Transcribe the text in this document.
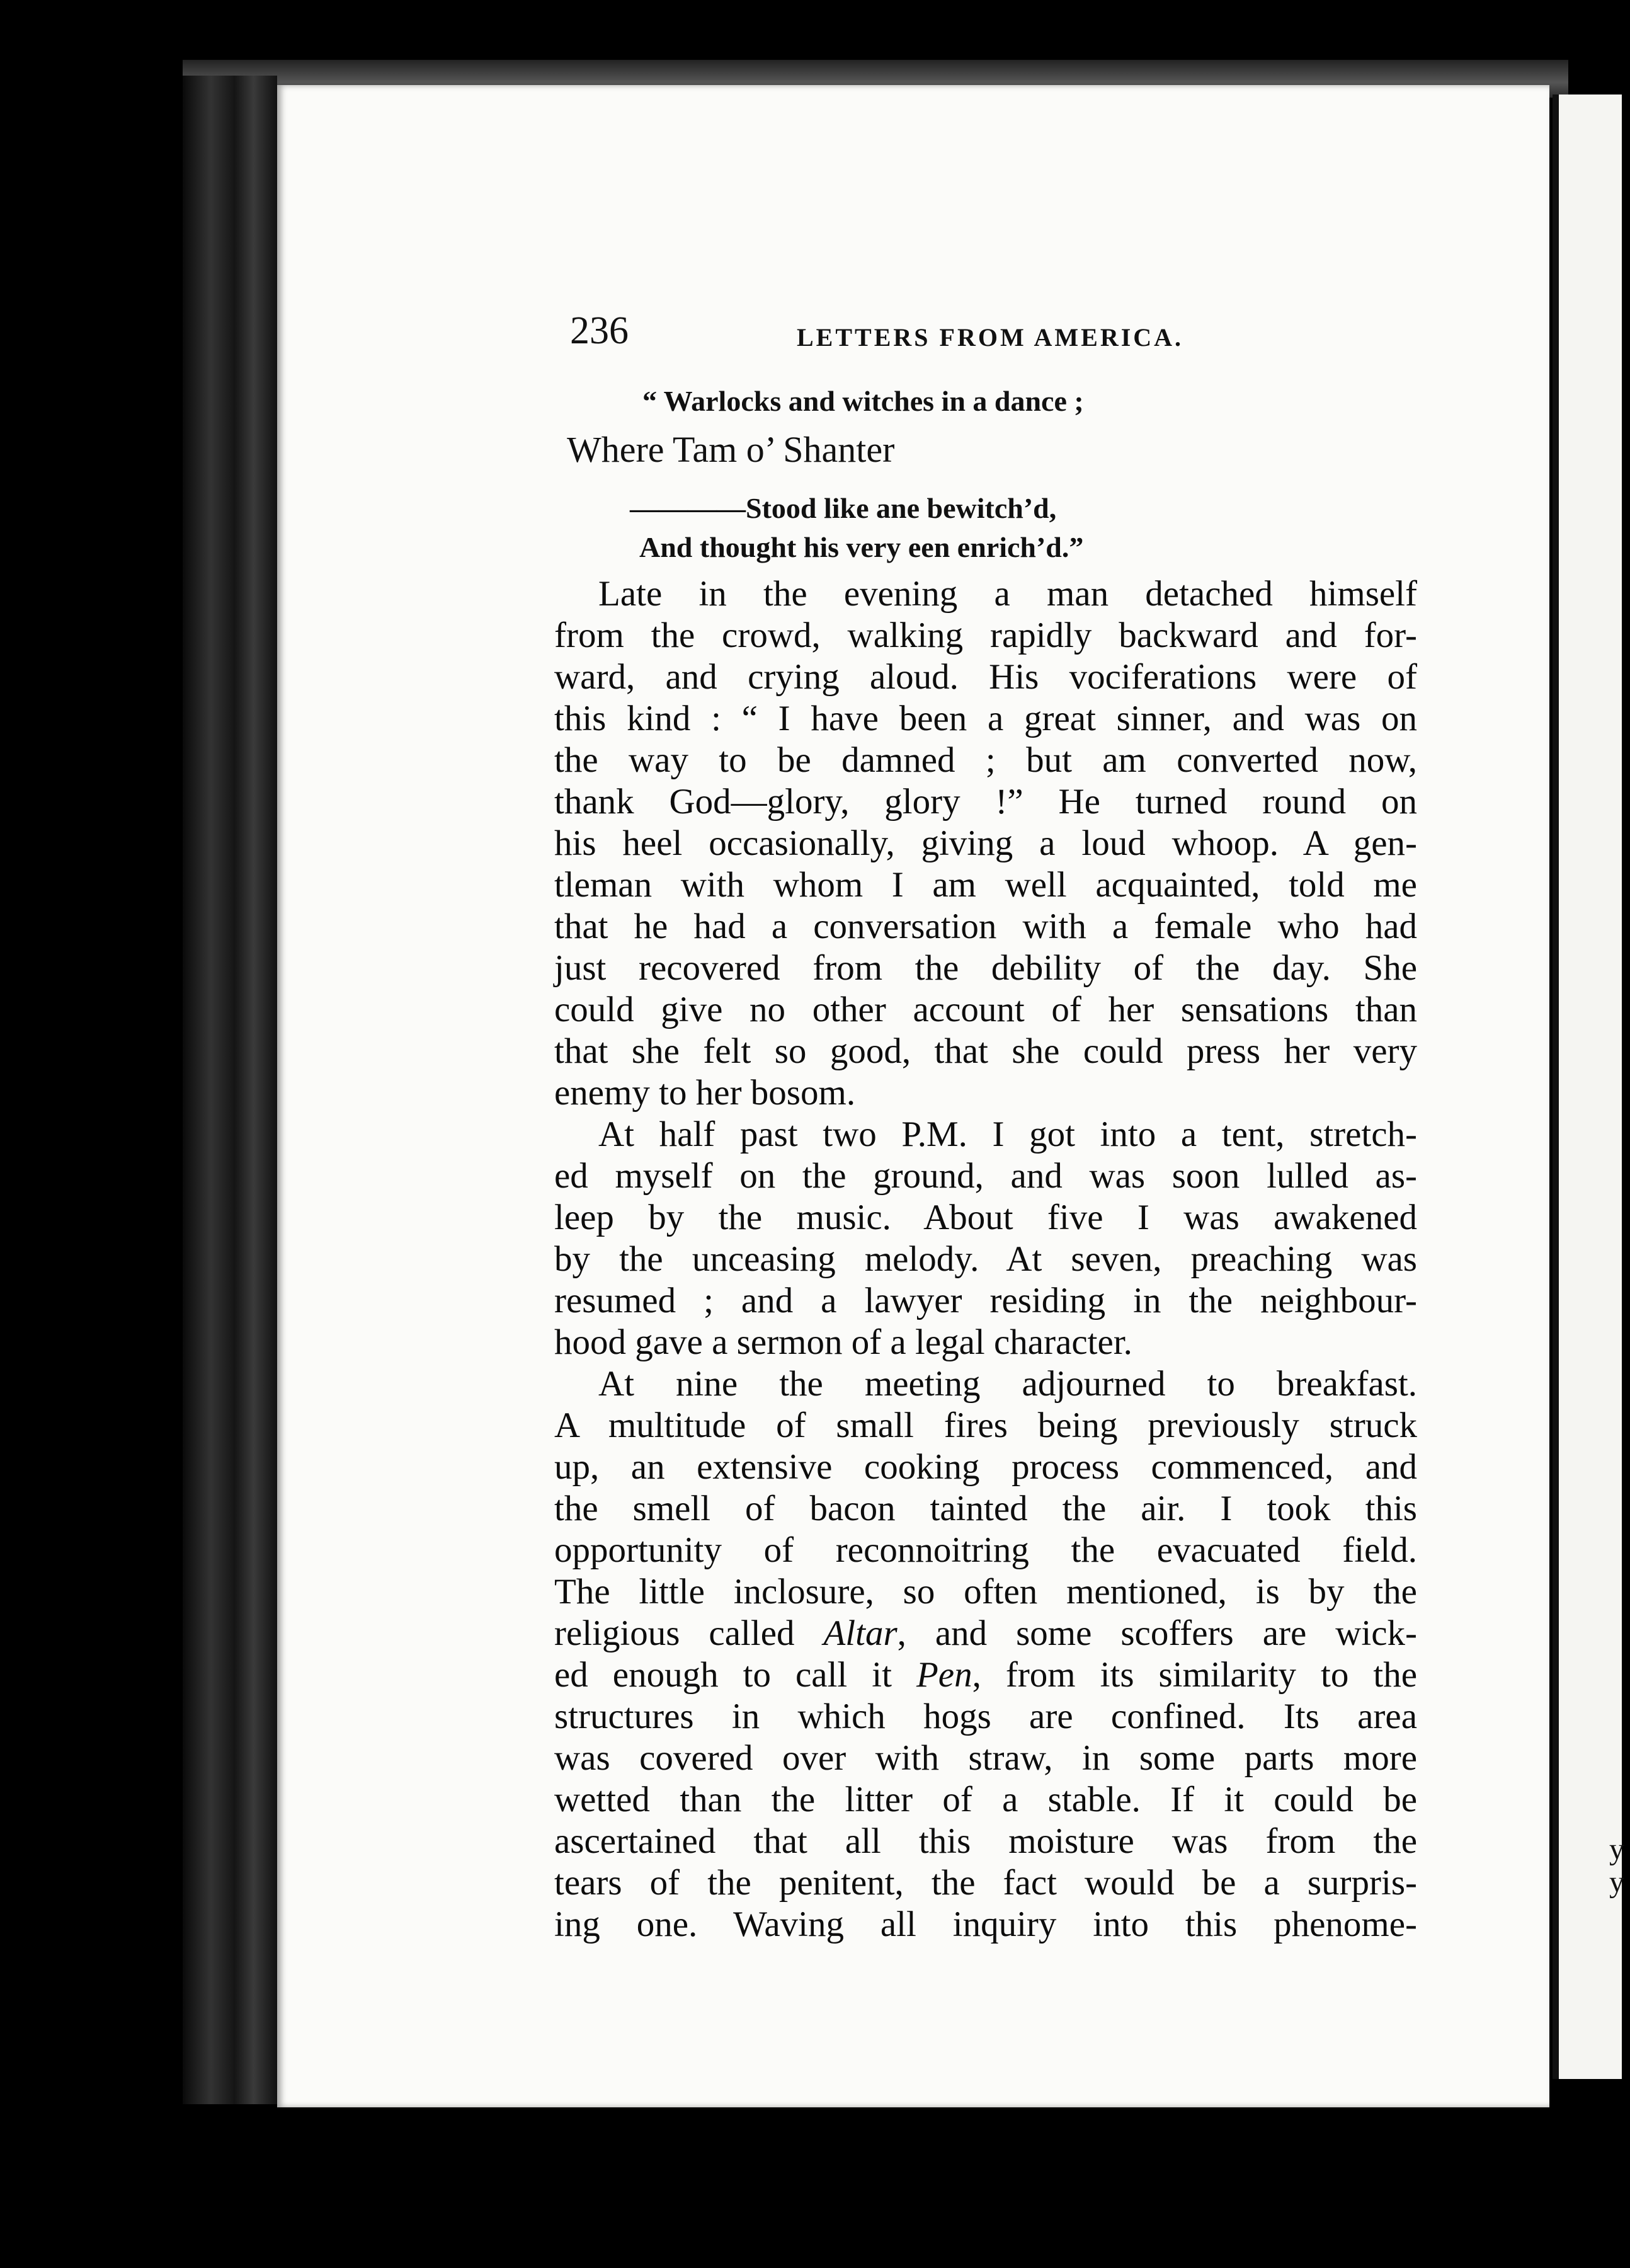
y y
236	LETTERS FROM AMERICA.
“ Warlocks and witches in a dance ;
Where Tam o’ Shanter
————Stood like ane bewitch’d,
And thought his very een enrich’d.”
Late in the evening a man detached himself
from the crowd, walking rapidly backward and for-
ward, and crying aloud. His vociferations were of
this kind : “ I have been a great sinner, and was on
the way to be damned ; but am converted now,
thank God—glory, glory !” He turned round on
his heel occasionally, giving a loud whoop. A gen-
tleman with whom I am well acquainted, told me
that he had a conversation with a female who had
just recovered from the debility of the day. She
could give no other account of her sensations than
that she felt so good, that she could press her very
enemy to her bosom.
At half past two P.M. I got into a tent, stretch-
ed myself on the ground, and was soon lulled as-
leep by the music. About five I was awakened
by the unceasing melody. At seven, preaching was
resumed ; and a lawyer residing in the neighbour-
hood gave a sermon of a legal character.
At nine the meeting adjourned to breakfast.
A multitude of small fires being previously struck
up, an extensive cooking process commenced, and
the smell of bacon tainted the air. I took this
opportunity of reconnoitring the evacuated field.
The little inclosure, so often mentioned, is by the
religious called Altar, and some scoffers are wick-
ed enough to call it Pen, from its similarity to the
structures in which hogs are confined. Its area
was covered over with straw, in some parts more
wetted than the litter of a stable. If it could be
ascertained that all this moisture was from the
tears of the penitent, the fact would be a surpris-
ing one. Waving all inquiry into this phenome-
